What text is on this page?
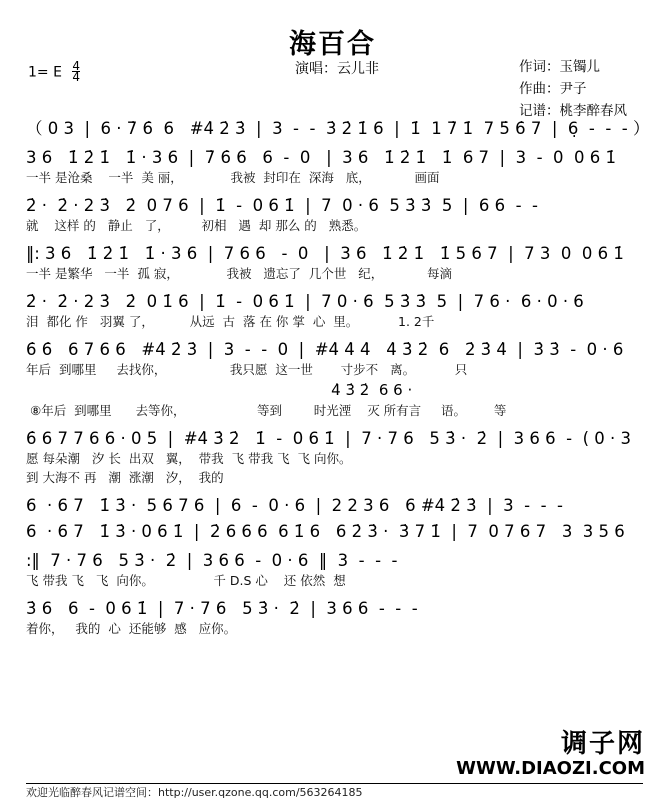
海百合
1= E $\frac{4}{4}$	演唱：云儿非	作词：玉镯儿
作曲：尹子
记谱：桃李醉春风
（ 0 3  |  6 · 7̇ 6̇  6   #4̇ 2̇ 3̇  |  3  -  -  3̇ 2̇ 1̇ 6  |  1̇  1 7̇ 1̇  7 5̇ 6̇ 7  |  6̣  -  -  - ）
3 6   1̇ 2̇ 1̇   1̇ · 3 6  |  7̇ 6̇ 6   6  -  0   |  3 6   1̇ 2̇ 1̇   1̇  6 7  |  3  -  0  0 6 1̇
一半 是沧桑    一半  美 丽，            我被  封印在  深海   底，           画面
2̇ ·  2̇ · 2 3̇   2̇  0 7 6  |  1̇  -  0 6 1̇  |  7  0 · 6  5 3̇ 3̇  5  |  6 6  -  -
就    这样 的   静止   了，        初相   遇  却 那么 的   熟悉。
‖: 3 6   1̇ 2̇ 1̇   1̇ · 3 6  |  7 6 6   -  0   |  3 6   1̇ 2̇ 1̇   1̇ 5 6 7  |  7 3  0  0 6 1̇
一半 是繁华   一半  孤 寂，            我被   遗忘了  几个世   纪，           每滴
2̇ ·  2̇ · 2 3̇   2̇  0 1̇ 6  |  1̇  -  0 6 1̇  |  7 0 · 6  5 3̇ 3̇  5  |  7 6 ·  6 · 0 · 6
泪  都化 作   羽翼 了，         从远  古  落 在 你 掌  心  里。          1. 2千
6̇ 6̇   6 7 6 6   #4̇ 2̇ 3̇  |  3  -  -  0  |  #4̇ 4̇ 4̇   4̇ 3̇ 2̇  6   2̇ 3̇ 4̇  |  3̇ 3̇  -  0 · 6
年后  到哪里     去找你，                我只愿  这一世       寸步不   离。          只
4̇ 3̇ 2̇  6 6 ·
⑧年后  到哪里      去等你，                  等到        时光湮    灭 所有言     语。       等
6̇ 6 7 7 6 6 · 0 5  |  #4̇ 3̇ 2̇   1̇  -  0 6 1̇  |  7 · 7 6   5 3̇ ·  2̇  |  3 6 6  -  ( 0 · 3
愿 每朵潮   汐 长  出双   翼，  带我  飞 带我 飞  飞 向你。
到 大海不 再   潮  涨潮   汐，  我的
6  · 6 7   1̇ 3̇ ·  5 6 7 6  |  6  -  0 · 6  |  2 2 3 6   6 #4̇ 2̇ 3̇  |  3  -  -  -
6  · 6 7   1̇ 3̇ · 0 6 1̇  |  2̇ 6 6 6  6 1̇ 6   6 2̇ 3̇ ·  3̇ 7 1̇  |  7  0 7 6 7   3  3 5 6
:‖  7 · 7 6   5 3̇ ·  2̇  |  3 6 6  -  0 · 6  ‖  3  -  -  -
飞 带我 飞   飞  向你。               千 D.S 心    还 依然  想
3̇ 6   6  -  0 6 1̇  |  7 · 7 6   5 3̇ ·  2̇  |  3 6 6  -  -  -
着你，   我的  心  还能够  感   应你。
调子网
WWW.DIAOZI.COM
欢迎光临醉春风记谱空间：http://user.qzone.qq.com/563264185
